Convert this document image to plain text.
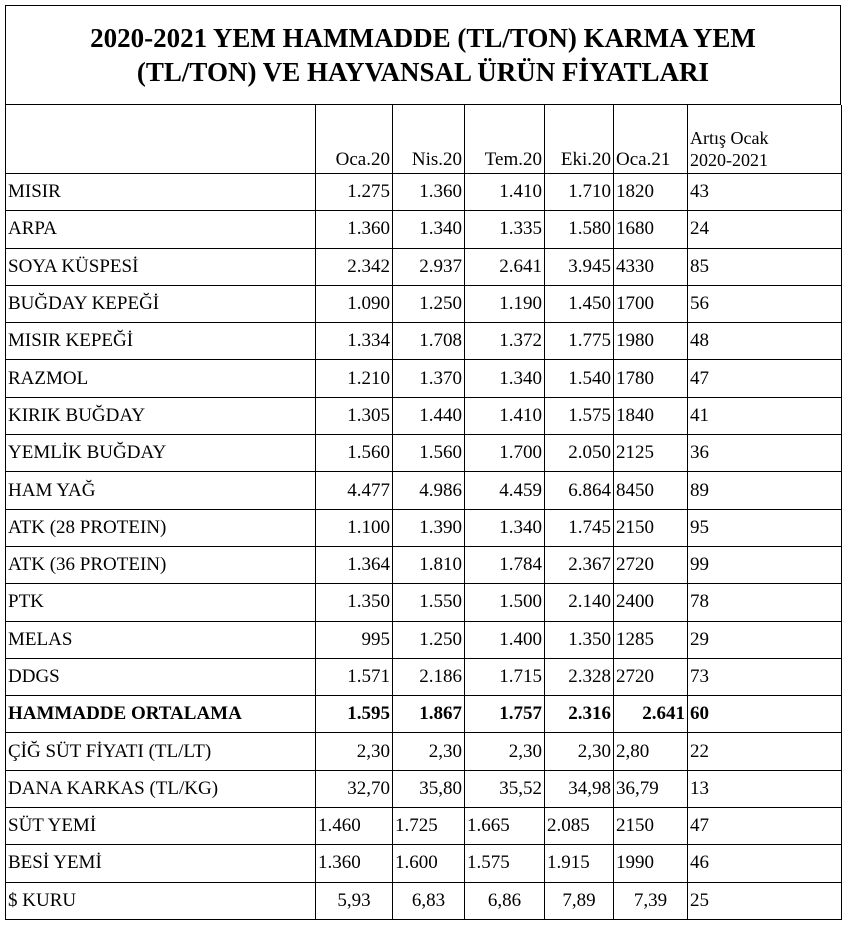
2020-2021 YEM HAMMADDE (TL/TON) KARMA YEM
(TL/TON) VE HAYVANSAL ÜRÜN FİYATLARI
	Oca.20	Nis.20	Tem.20	Eki.20	Oca.21	Artış Ocak
2020-2021

MISIR	1.275	1.360	1.410	1.710	1820	43
ARPA	1.360	1.340	1.335	1.580	1680	24
SOYA KÜSPESİ	2.342	2.937	2.641	3.945	4330	85
BUĞDAY KEPEĞİ	1.090	1.250	1.190	1.450	1700	56
MISIR KEPEĞİ	1.334	1.708	1.372	1.775	1980	48
RAZMOL	1.210	1.370	1.340	1.540	1780	47
KIRIK BUĞDAY	1.305	1.440	1.410	1.575	1840	41
YEMLİK BUĞDAY	1.560	1.560	1.700	2.050	2125	36
HAM YAĞ	4.477	4.986	4.459	6.864	8450	89
ATK (28 PROTEIN)	1.100	1.390	1.340	1.745	2150	95
ATK (36 PROTEIN)	1.364	1.810	1.784	2.367	2720	99
PTK	1.350	1.550	1.500	2.140	2400	78
MELAS	995	1.250	1.400	1.350	1285	29
DDGS	1.571	2.186	1.715	2.328	2720	73
HAMMADDE ORTALAMA	1.595	1.867	1.757	2.316	2.641	60
ÇİĞ SÜT FİYATI (TL/LT)	2,30	2,30	2,30	2,30	2,80	22
DANA KARKAS (TL/KG)	32,70	35,80	35,52	34,98	36,79	13
SÜT YEMİ	1.460	1.725	1.665	2.085	2150	47
BESİ YEMİ	1.360	1.600	1.575	1.915	1990	46
$ KURU	5,93	6,83	6,86	7,89	7,39	25
